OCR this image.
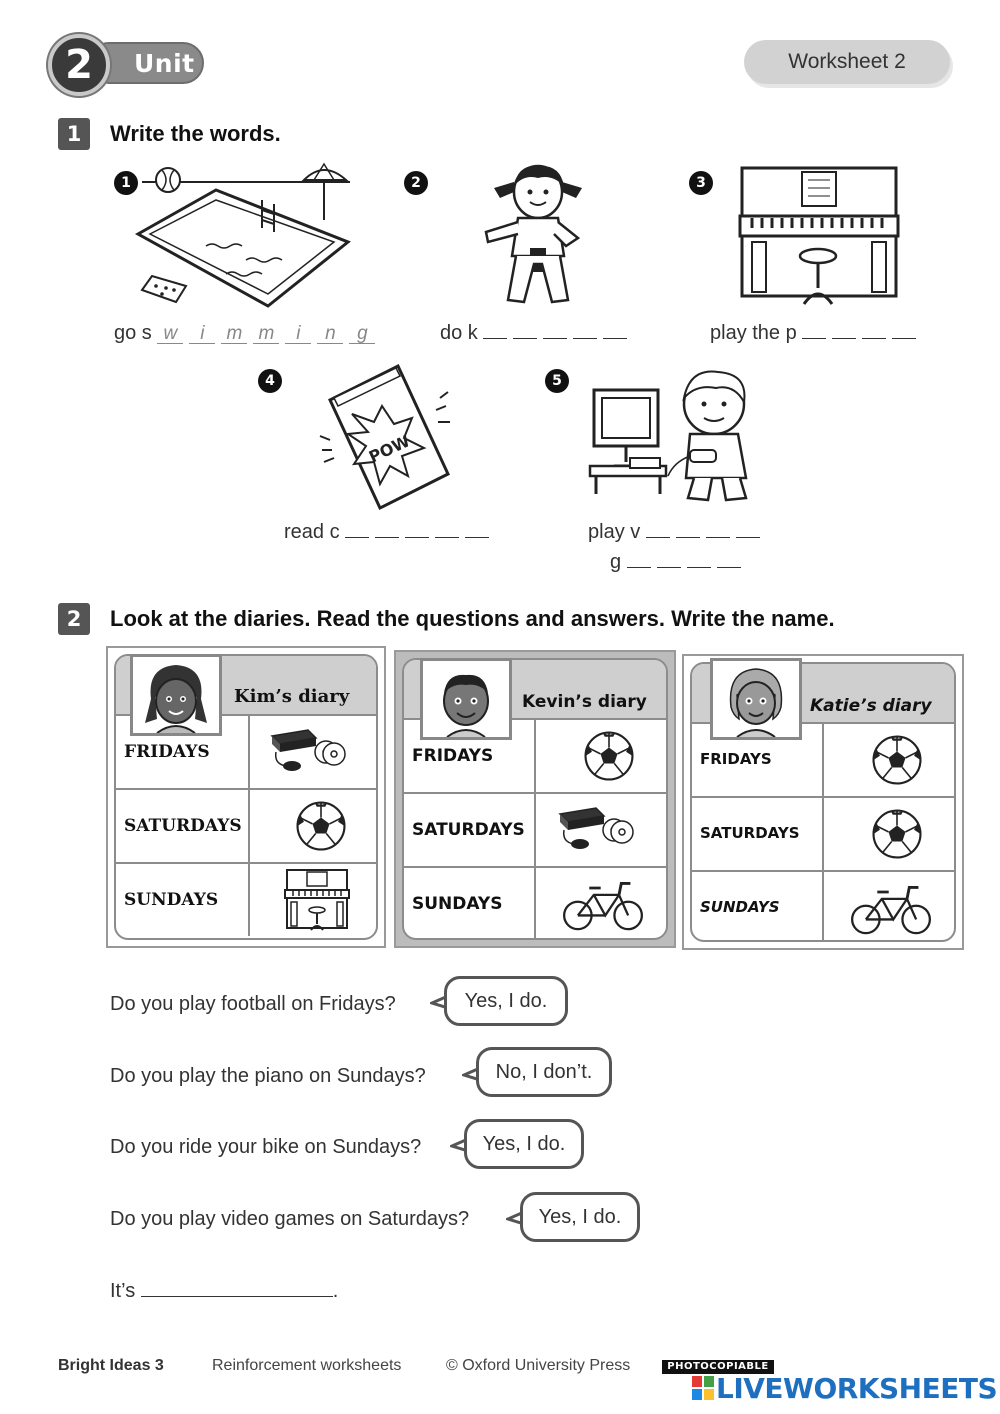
Unit
2	Worksheet 2
1	Write the words.
1
go s w i m m i n g
2
do k
3
play the p
4
POW
read c
5
play v
g
2	Look at the diaries. Read the questions and answers. Write the name.
Kim’s diary
FRIDAYS
SATURDAYS
SUNDAYS
Kevin’s diary
FRIDAYS
SATURDAYS
SUNDAYS
Katie’s diary
FRIDAYS
SATURDAYS
SUNDAYS
Do you play football on Fridays?	Yes, I do.
Do you play the piano on Sundays?	No, I don’t.
Do you ride your bike on Sundays?	Yes, I do.
Do you play video games on Saturdays?	Yes, I do.
It’s	.
Bright Ideas 3	Reinforcement worksheets	© Oxford University Press	PHOTOCOPIABLE
LIVEWORKSHEETS
